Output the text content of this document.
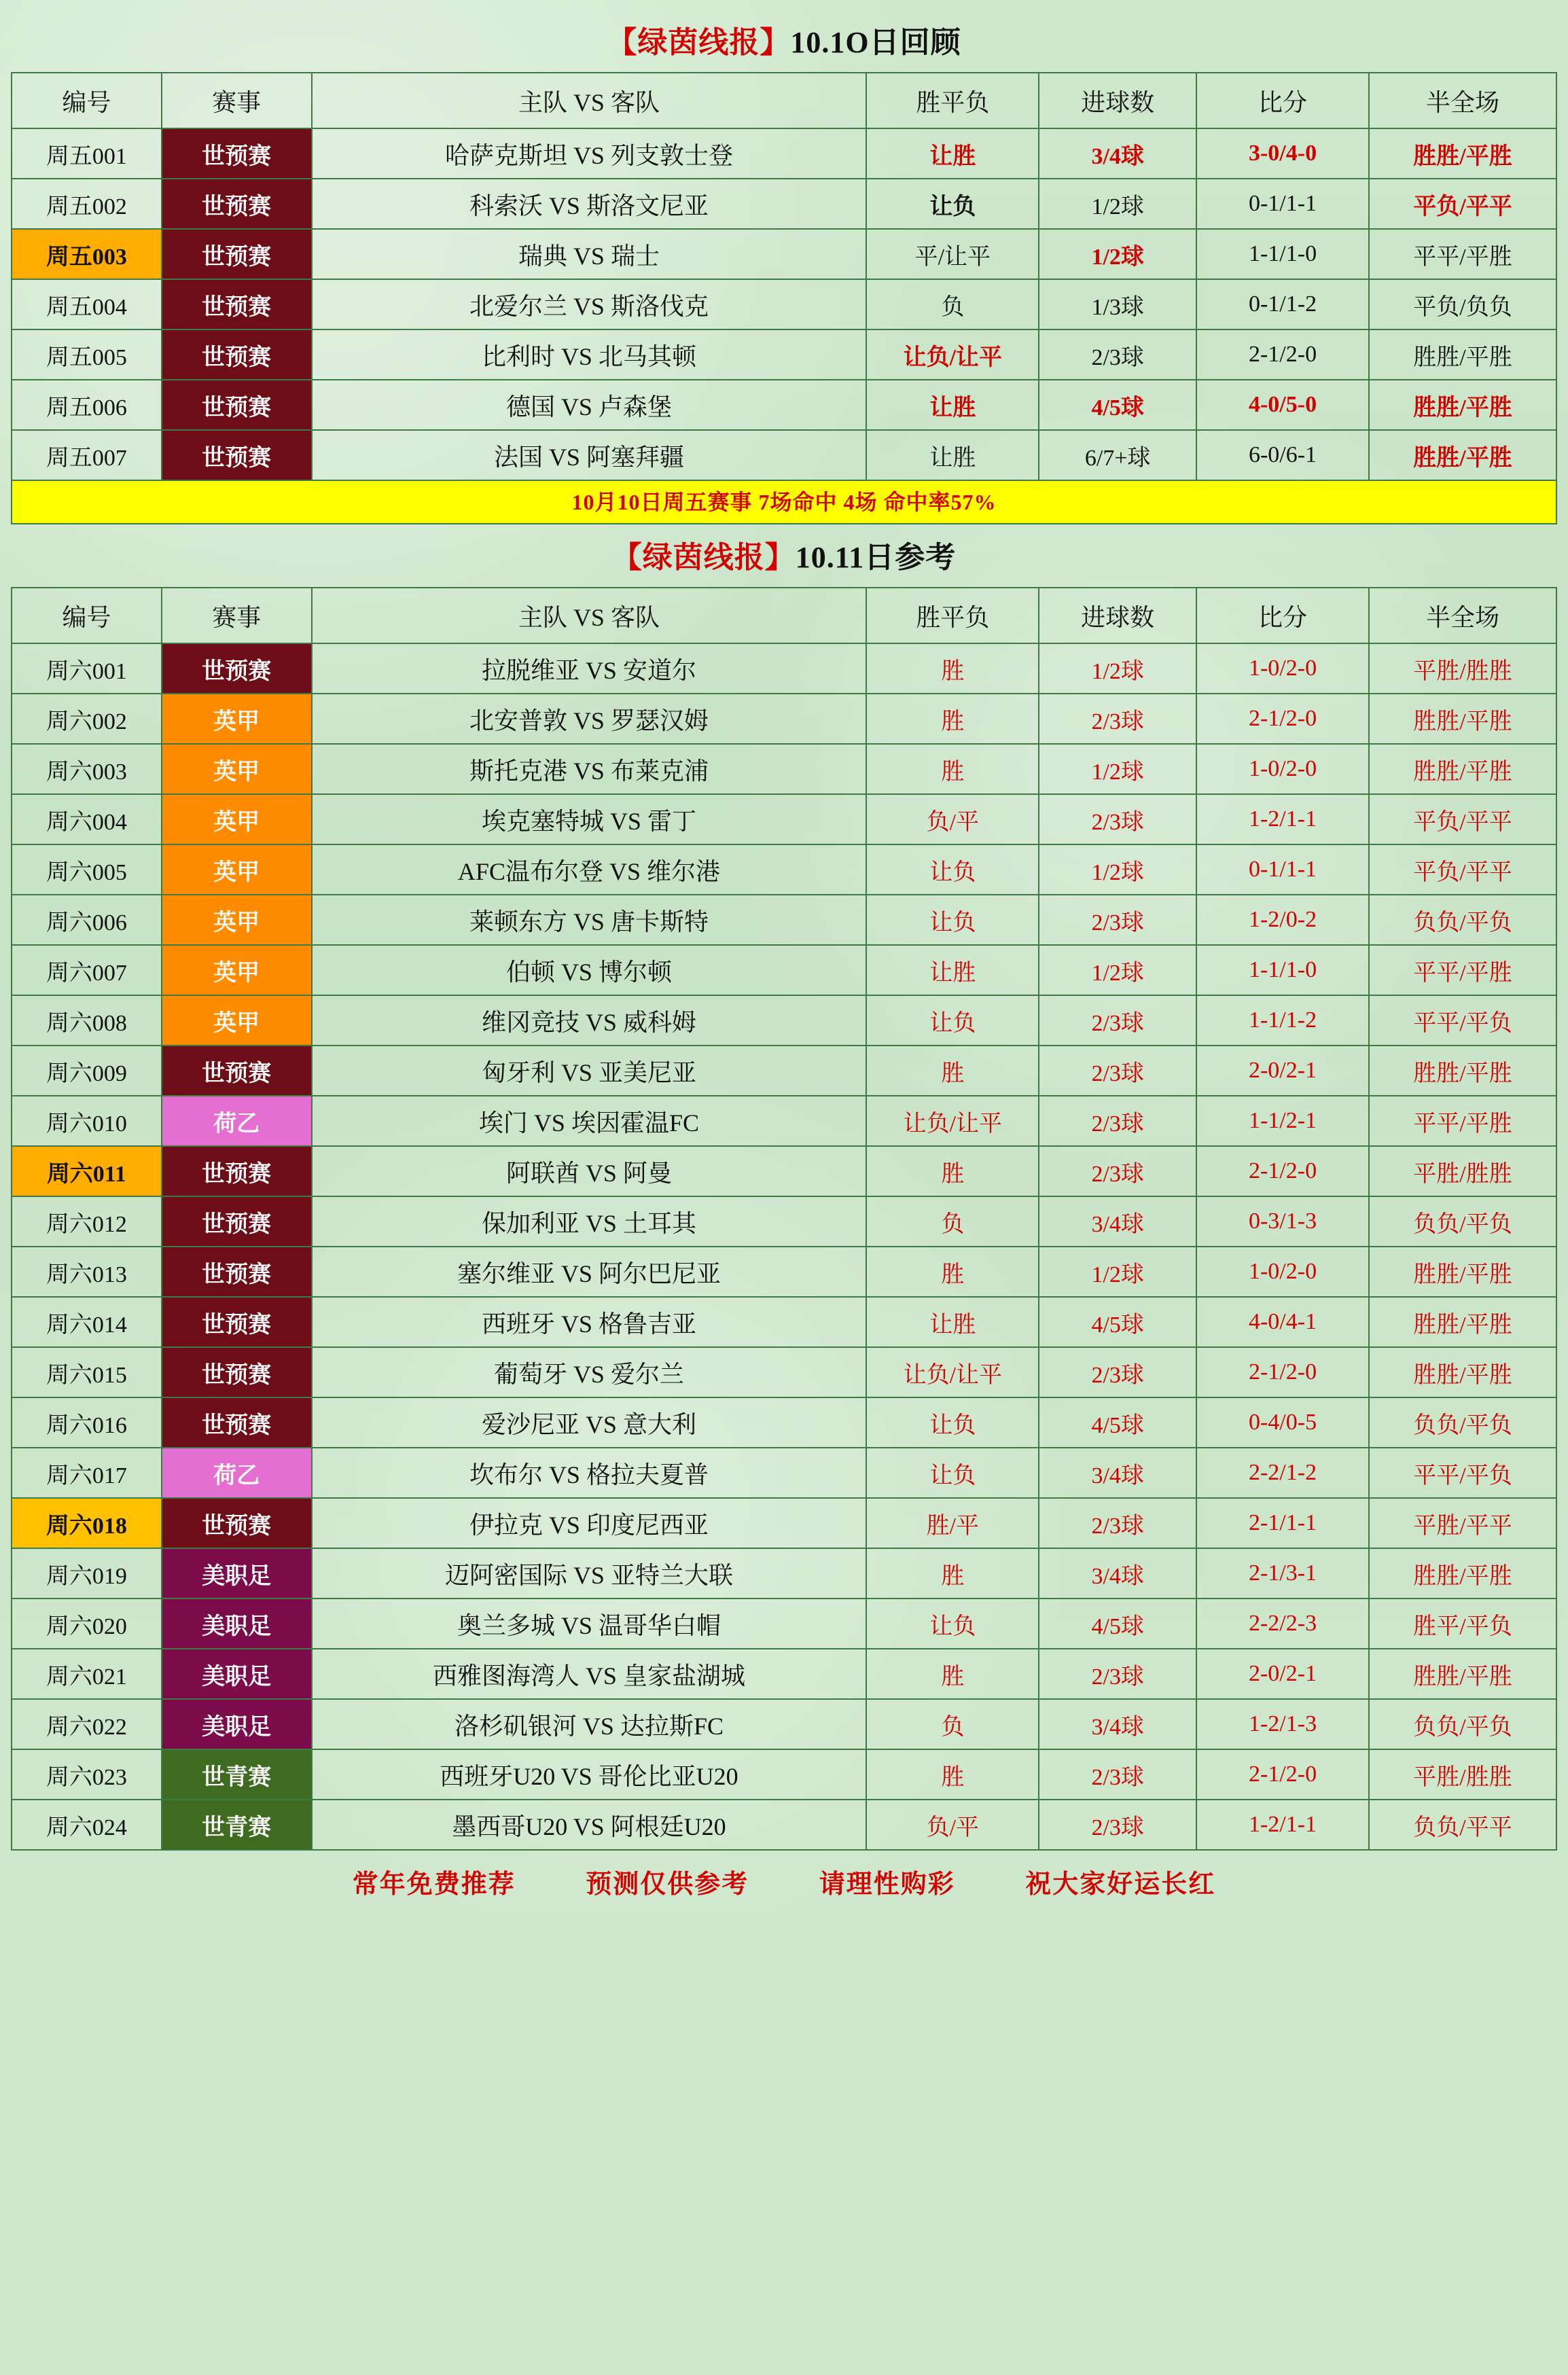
【绿茵线报】10.1O日回顾
编号	赛事	主队 VS 客队	胜平负	进球数	比分	半全场
周五001	世预赛	哈萨克斯坦 VS 列支敦士登	让胜	3/4球	3-0/4-0	胜胜/平胜
周五002	世预赛	科索沃 VS 斯洛文尼亚	让负	1/2球	0-1/1-1	平负/平平
周五003	世预赛	瑞典 VS 瑞士	平/让平	1/2球	1-1/1-0	平平/平胜
周五004	世预赛	北爱尔兰 VS 斯洛伐克	负	1/3球	0-1/1-2	平负/负负
周五005	世预赛	比利时 VS 北马其顿	让负/让平	2/3球	2-1/2-0	胜胜/平胜
周五006	世预赛	德国 VS 卢森堡	让胜	4/5球	4-0/5-0	胜胜/平胜
周五007	世预赛	法国 VS 阿塞拜疆	让胜	6/7+球	6-0/6-1	胜胜/平胜
10月10日周五赛事 7场命中 4场 命中率57%
【绿茵线报】10.11日参考
编号	赛事	主队 VS 客队	胜平负	进球数	比分	半全场
周六001	世预赛	拉脱维亚 VS 安道尔	胜	1/2球	1-0/2-0	平胜/胜胜
周六002	英甲	北安普敦 VS 罗瑟汉姆	胜	2/3球	2-1/2-0	胜胜/平胜
周六003	英甲	斯托克港 VS 布莱克浦	胜	1/2球	1-0/2-0	胜胜/平胜
周六004	英甲	埃克塞特城 VS 雷丁	负/平	2/3球	1-2/1-1	平负/平平
周六005	英甲	AFC温布尔登 VS 维尔港	让负	1/2球	0-1/1-1	平负/平平
周六006	英甲	莱顿东方 VS 唐卡斯特	让负	2/3球	1-2/0-2	负负/平负
周六007	英甲	伯顿 VS 博尔顿	让胜	1/2球	1-1/1-0	平平/平胜
周六008	英甲	维冈竞技 VS 威科姆	让负	2/3球	1-1/1-2	平平/平负
周六009	世预赛	匈牙利 VS 亚美尼亚	胜	2/3球	2-0/2-1	胜胜/平胜
周六010	荷乙	埃门 VS 埃因霍温FC	让负/让平	2/3球	1-1/2-1	平平/平胜
周六011	世预赛	阿联酋 VS 阿曼	胜	2/3球	2-1/2-0	平胜/胜胜
周六012	世预赛	保加利亚 VS 土耳其	负	3/4球	0-3/1-3	负负/平负
周六013	世预赛	塞尔维亚 VS 阿尔巴尼亚	胜	1/2球	1-0/2-0	胜胜/平胜
周六014	世预赛	西班牙 VS 格鲁吉亚	让胜	4/5球	4-0/4-1	胜胜/平胜
周六015	世预赛	葡萄牙 VS 爱尔兰	让负/让平	2/3球	2-1/2-0	胜胜/平胜
周六016	世预赛	爱沙尼亚 VS 意大利	让负	4/5球	0-4/0-5	负负/平负
周六017	荷乙	坎布尔 VS 格拉夫夏普	让负	3/4球	2-2/1-2	平平/平负
周六018	世预赛	伊拉克 VS 印度尼西亚	胜/平	2/3球	2-1/1-1	平胜/平平
周六019	美职足	迈阿密国际 VS 亚特兰大联	胜	3/4球	2-1/3-1	胜胜/平胜
周六020	美职足	奥兰多城 VS 温哥华白帽	让负	4/5球	2-2/2-3	胜平/平负
周六021	美职足	西雅图海湾人 VS 皇家盐湖城	胜	2/3球	2-0/2-1	胜胜/平胜
周六022	美职足	洛杉矶银河 VS 达拉斯FC	负	3/4球	1-2/1-3	负负/平负
周六023	世青赛	西班牙U20 VS 哥伦比亚U20	胜	2/3球	2-1/2-0	平胜/胜胜
周六024	世青赛	墨西哥U20 VS 阿根廷U20	负/平	2/3球	1-2/1-1	负负/平平
常年免费推荐	预测仅供参考	请理性购彩	祝大家好运长红
